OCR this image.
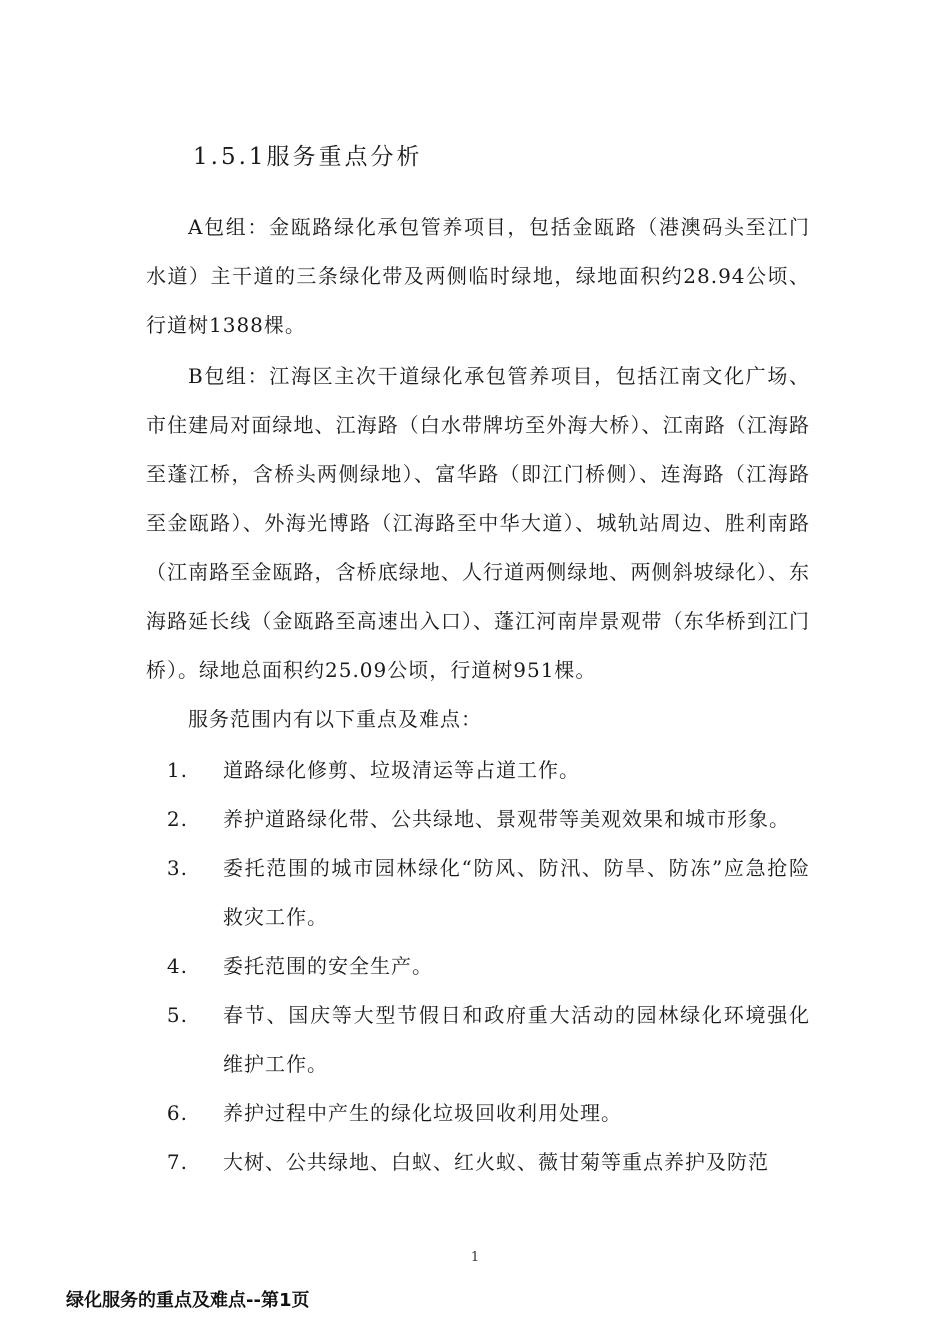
1.5.1服务重点分析

A包组：金瓯路绿化承包管养项目，包括金瓯路（港澳码头至江门水道）主干道的三条绿化带及两侧临时绿地，绿地面积约28.94公顷、行道树1388棵。

B包组：江海区主次干道绿化承包管养项目，包括江南文化广场、市住建局对面绿地、江海路（白水带牌坊至外海大桥）、江南路（江海路至蓬江桥，含桥头两侧绿地）、富华路（即江门桥侧）、连海路（江海路至金瓯路）、外海光博路（江海路至中华大道）、城轨站周边、胜利南路（江南路至金瓯路，含桥底绿地、人行道两侧绿地、两侧斜坡绿化）、东海路延长线（金瓯路至高速出入口）、蓬江河南岸景观带（东华桥到江门桥）。绿地总面积约25.09公顷，行道树951棵。

服务范围内有以下重点及难点：

1.	道路绿化修剪、垃圾清运等占道工作。
2.	养护道路绿化带、公共绿地、景观带等美观效果和城市形象。
3.	委托范围的城市园林绿化“防风、防汛、防旱、防冻”应急抢险救灾工作。
4.	委托范围的安全生产。
5.	春节、国庆等大型节假日和政府重大活动的园林绿化环境强化维护工作。
6.	养护过程中产生的绿化垃圾回收利用处理。
7.	大树、公共绿地、白蚁、红火蚁、薇甘菊等重点养护及防范
1
绿化服务的重点及难点--第1页
